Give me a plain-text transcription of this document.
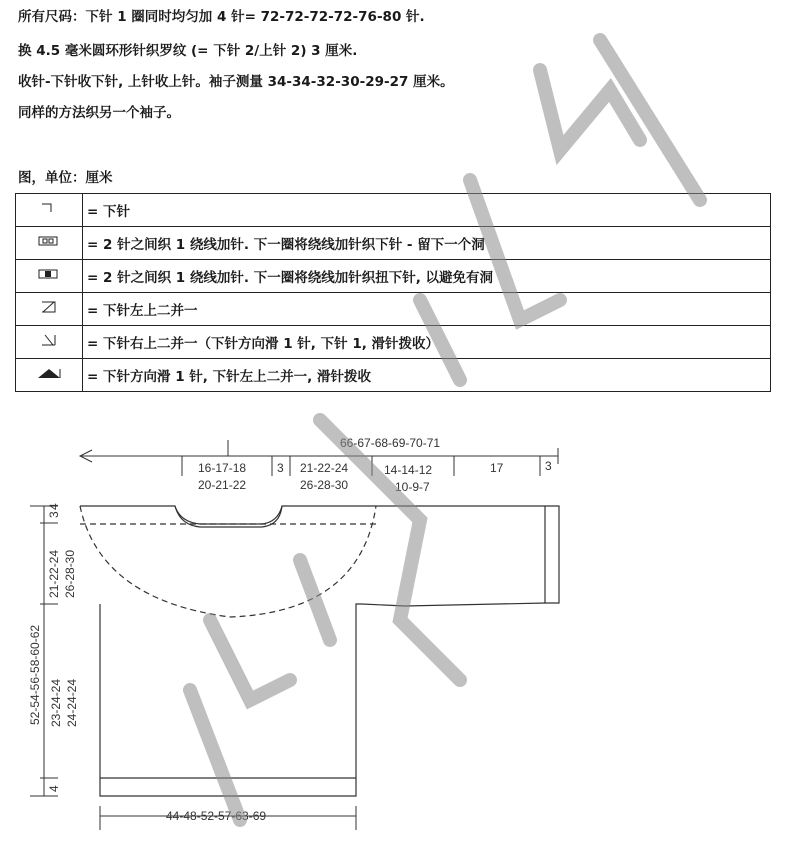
所有尺码：下针 1 圈同时均匀加 4 针= 72-72-72-72-76-80 针.
换 4.5 毫米圆环形针织罗纹 (= 下针 2/上针 2) 3 厘米.
收针-下针收下针, 上针收上针。袖子测量 34-34-32-30-29-27 厘米。
同样的方法织另一个袖子。
图，单位：厘米
	= 下针
	= 2 针之间织 1 绕线加针. 下一圈将绕线加针织下针 - 留下一个洞
	= 2 针之间织 1 绕线加针. 下一圈将绕线加针织扭下针, 以避免有洞
	= 下针左上二并一
	= 下针右上二并一（下针方向滑 1 针, 下针 1, 滑针拨收）
	= 下针方向滑 1 针, 下针左上二并一, 滑针拨收
66-67-68-69-70-71
16-17-18
20-21-22
3 21-22-24
26-28-30
14-14-12
10-9-7
17	3
52-54-56-58-60-62
3
4
21-22-24 26-28-30
23-24-24 24-24-24
4
44-48-52-57-63-69
